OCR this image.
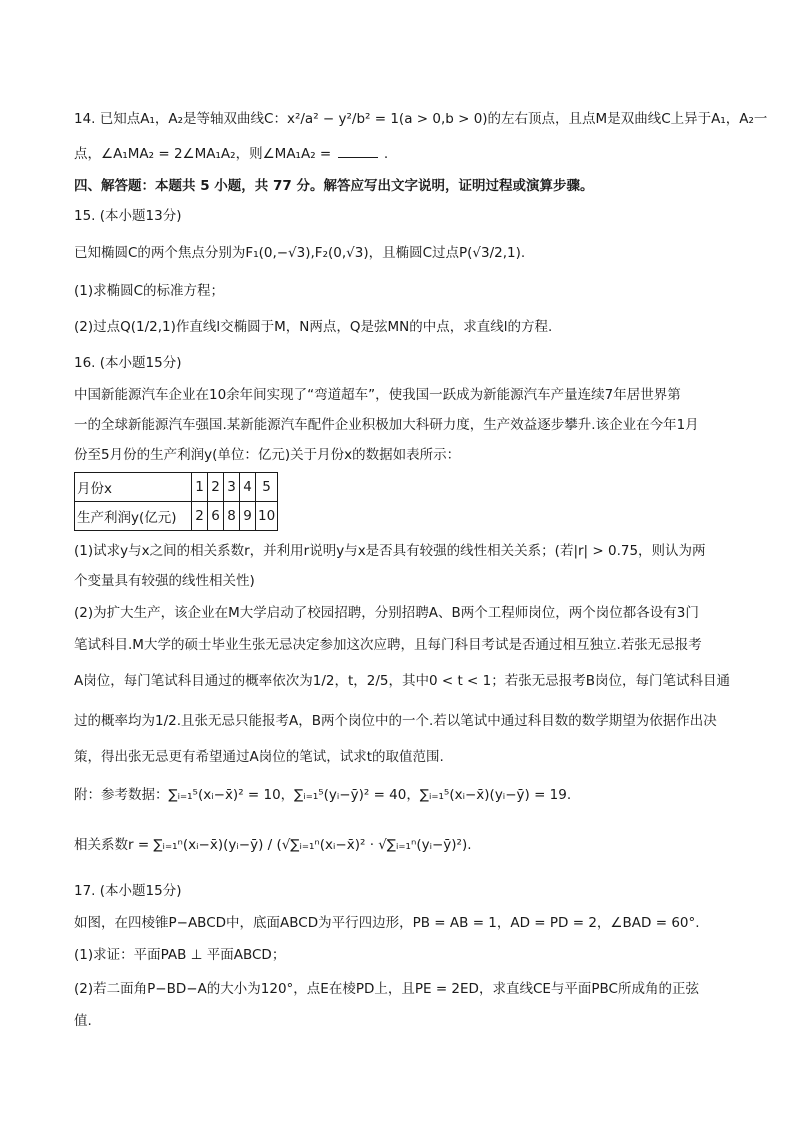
14. 已知点A₁，A₂是等轴双曲线C：x²/a² − y²/b² = 1(a > 0,b > 0)的左右顶点，且点M是双曲线C上异于A₁，A₂一
点，∠A₁MA₂ = 2∠MA₁A₂，则∠MA₁A₂ =	.
四、解答题：本题共 5 小题，共 77 分。解答应写出文字说明，证明过程或演算步骤。
15. (本小题13分)
已知椭圆C的两个焦点分别为F₁(0,−√3),F₂(0,√3)，且椭圆C过点P(√3/2,1).
(1)求椭圆C的标准方程；
(2)过点Q(1/2,1)作直线l交椭圆于M，N两点，Q是弦MN的中点，求直线l的方程.
16. (本小题15分)
中国新能源汽车企业在10余年间实现了“弯道超车”，使我国一跃成为新能源汽车产量连续7年居世界第
一的全球新能源汽车强国.某新能源汽车配件企业积极加大科研力度，生产效益逐步攀升.该企业在今年1月
份至5月份的生产利润y(单位：亿元)关于月份x的数据如表所示：
月份x	1	2	3	4	5
生产利润y(亿元)	2	6	8	9	10
(1)试求y与x之间的相关系数r，并利用r说明y与x是否具有较强的线性相关关系；(若|r| > 0.75，则认为两
个变量具有较强的线性相关性)
(2)为扩大生产，该企业在M大学启动了校园招聘，分别招聘A、B两个工程师岗位，两个岗位都各设有3门
笔试科目.M大学的硕士毕业生张无忌决定参加这次应聘，且每门科目考试是否通过相互独立.若张无忌报考
A岗位，每门笔试科目通过的概率依次为1/2，t，2/5，其中0 < t < 1；若张无忌报考B岗位，每门笔试科目通
过的概率均为1/2.且张无忌只能报考A，B两个岗位中的一个.若以笔试中通过科目数的数学期望为依据作出决
策，得出张无忌更有希望通过A岗位的笔试，试求t的取值范围.
附：参考数据：∑ᵢ₌₁⁵(xᵢ−x̄)² = 10，∑ᵢ₌₁⁵(yᵢ−ȳ)² = 40，∑ᵢ₌₁⁵(xᵢ−x̄)(yᵢ−ȳ) = 19.
相关系数r = ∑ᵢ₌₁ⁿ(xᵢ−x̄)(yᵢ−ȳ) / (√∑ᵢ₌₁ⁿ(xᵢ−x̄)² · √∑ᵢ₌₁ⁿ(yᵢ−ȳ)²).
17. (本小题15分)
如图，在四棱锥P−ABCD中，底面ABCD为平行四边形，PB = AB = 1，AD = PD = 2，∠BAD = 60°.
(1)求证：平面PAB ⊥ 平面ABCD；
(2)若二面角P−BD−A的大小为120°，点E在棱PD上，且PE = 2ED，求直线CE与平面PBC所成角的正弦
值.
